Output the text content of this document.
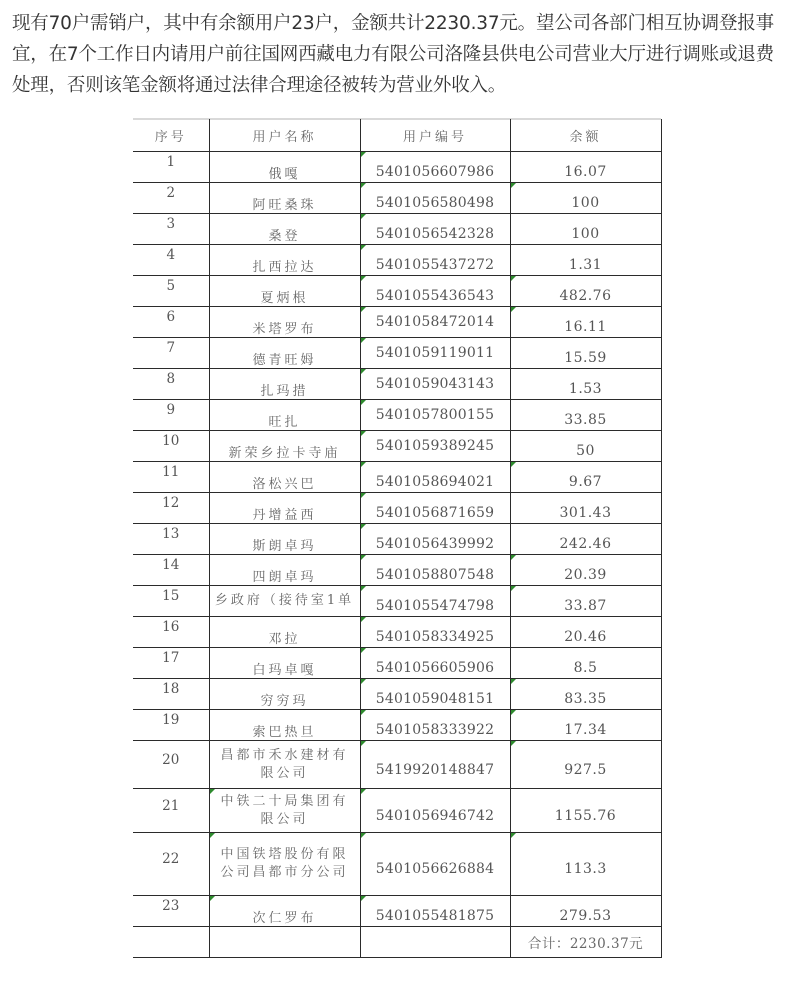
现有70户需销户，其中有余额用户23户，金额共计2230.37元。望公司各部门相互协调登报事宜，在7个工作日内请用户前往国网西藏电力有限公司洛隆县供电公司营业大厅进行调账或退费处理，否则该笔金额将通过法律合理途径被转为营业外收入。
序号	用户名称	用户编号	余额
1	俄嘎	5401056607986	16.07
2	阿旺桑珠	5401056580498	100
3	桑登	5401056542328	100
4	扎西拉达	5401055437272	1.31
5	夏炳根	5401055436543	482.76
6	米塔罗布	5401058472014	16.11
7	德青旺姆	5401059119011	15.59
8	扎玛措	5401059043143	1.53
9	旺扎	5401057800155	33.85
10	新荣乡拉卡寺庙	5401059389245	50
11	洛松兴巴	5401058694021	9.67
12	丹增益西	5401056871659	301.43
13	斯朗卓玛	5401056439992	242.46
14	四朗卓玛	5401058807548	20.39
15	乡政府（接待室1单	5401055474798	33.87
16	邓拉	5401058334925	20.46
17	白玛卓嘎	5401056605906	8.5
18	穷穷玛	5401059048151	83.35
19	索巴热旦	5401058333922	17.34
20	昌都市禾水建材有限公司	5419920148847	927.5
21	中铁二十局集团有限公司	5401056946742	1155.76
22	中国铁塔股份有限公司昌都市分公司	5401056626884	113.3
23	次仁罗布	5401055481875	279.53
			合计：2230.37元
